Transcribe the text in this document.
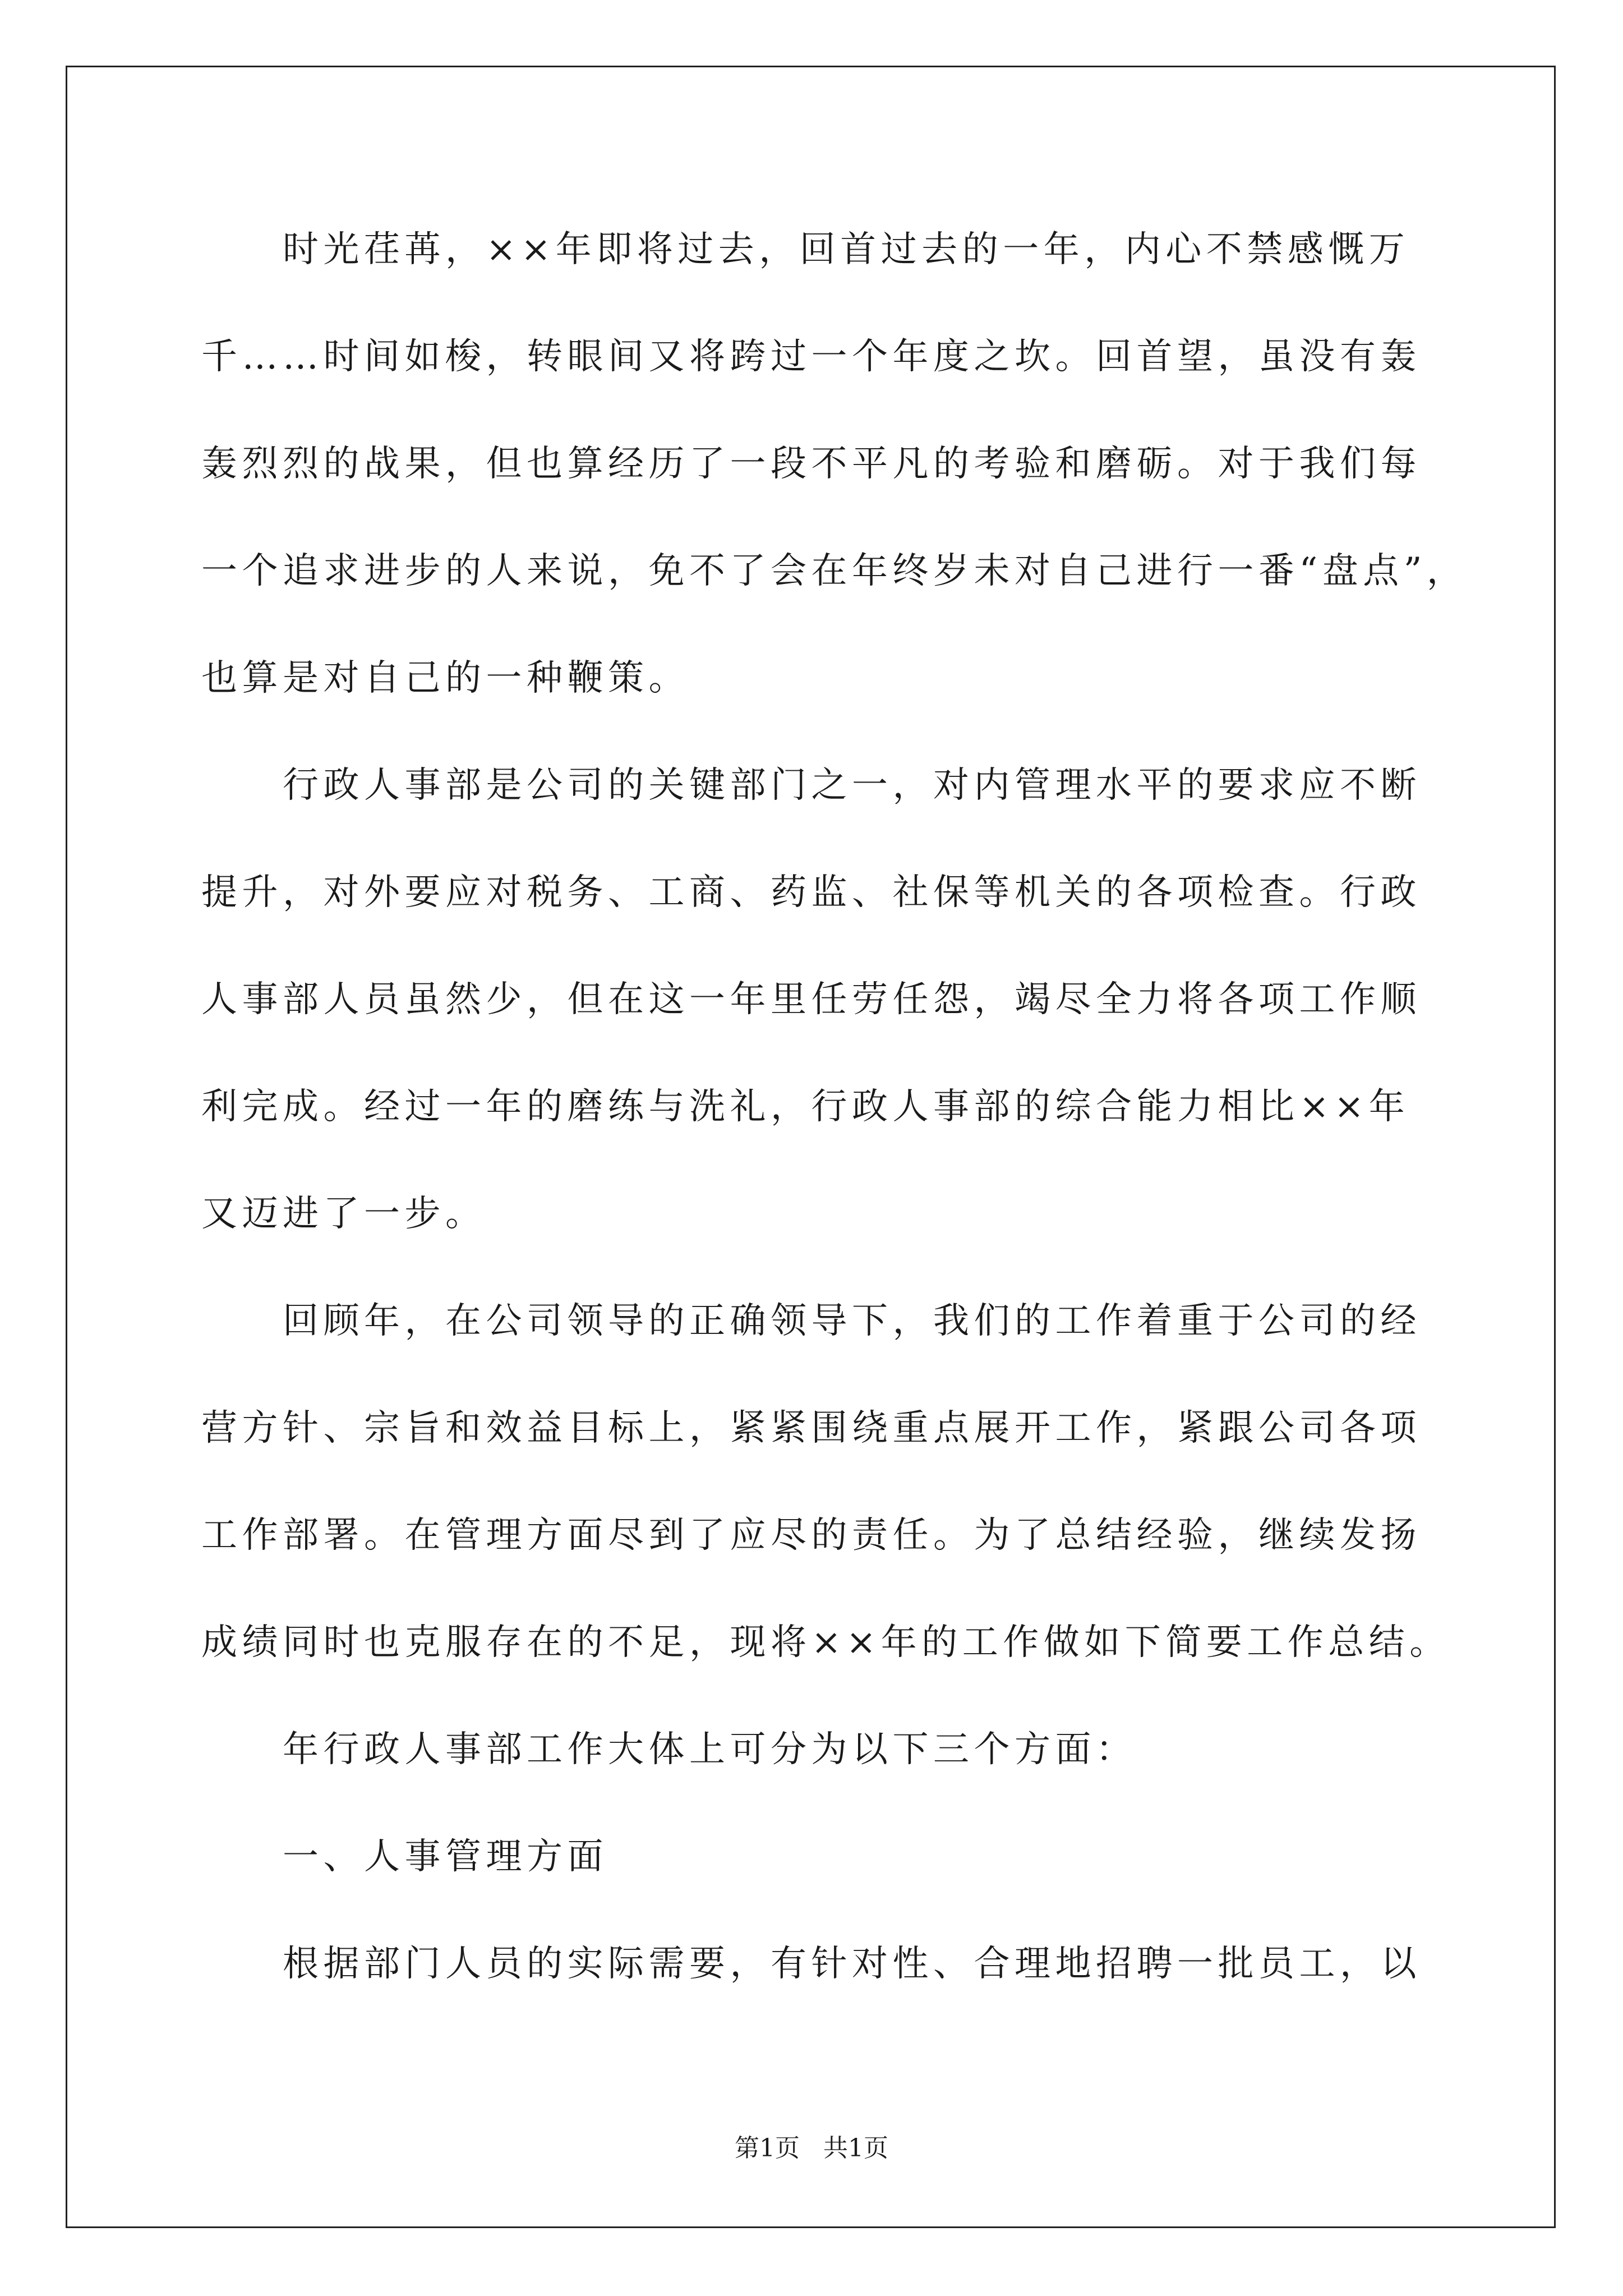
时光荏苒，××年即将过去，回首过去的一年，内心不禁感慨万
千……时间如梭，转眼间又将跨过一个年度之坎。回首望，虽没有轰
轰烈烈的战果，但也算经历了一段不平凡的考验和磨砺。对于我们每
一个追求进步的人来说，免不了会在年终岁未对自己进行一番“盘点”，
也算是对自己的一种鞭策。
行政人事部是公司的关键部门之一，对内管理水平的要求应不断
提升，对外要应对税务、工商、药监、社保等机关的各项检查。行政
人事部人员虽然少，但在这一年里任劳任怨，竭尽全力将各项工作顺
利完成。经过一年的磨练与洗礼，行政人事部的综合能力相比××年
又迈进了一步。
回顾年，在公司领导的正确领导下，我们的工作着重于公司的经
营方针、宗旨和效益目标上，紧紧围绕重点展开工作，紧跟公司各项
工作部署。在管理方面尽到了应尽的责任。为了总结经验，继续发扬
成绩同时也克服存在的不足，现将××年的工作做如下简要工作总结。
年行政人事部工作大体上可分为以下三个方面：
一、人事管理方面
根据部门人员的实际需要，有针对性、合理地招聘一批员工，以
第1页   共1页
